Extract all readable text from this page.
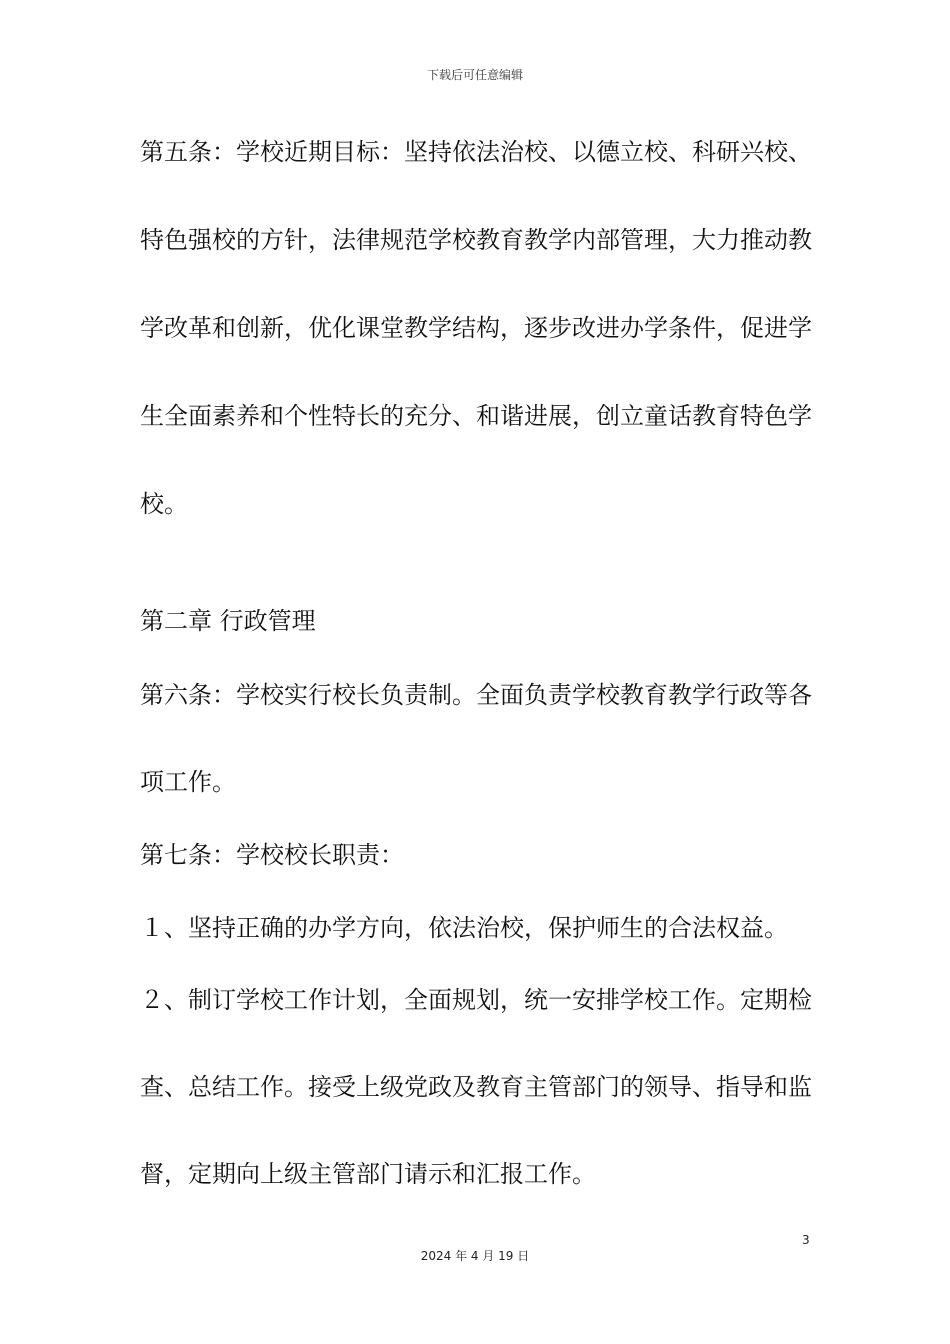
下载后可任意编辑

第五条：学校近期目标：坚持依法治校、以德立校、科研兴校、特色强校的方针，法律规范学校教育教学内部管理，大力推动教学改革和创新，优化课堂教学结构，逐步改进办学条件，促进学生全面素养和个性特长的充分、和谐进展，创立童话教育特色学校。

第二章 行政管理

第六条：学校实行校长负责制。全面负责学校教育教学行政等各

项工作。

第七条：学校校长职责：

１、坚持正确的办学方向，依法治校，保护师生的合法权益。

２、制订学校工作计划，全面规划，统一安排学校工作。定期检

查、总结工作。接受上级党政及教育主管部门的领导、指导和监

督，定期向上级主管部门请示和汇报工作。

3
2024 年 4 月 19 日
